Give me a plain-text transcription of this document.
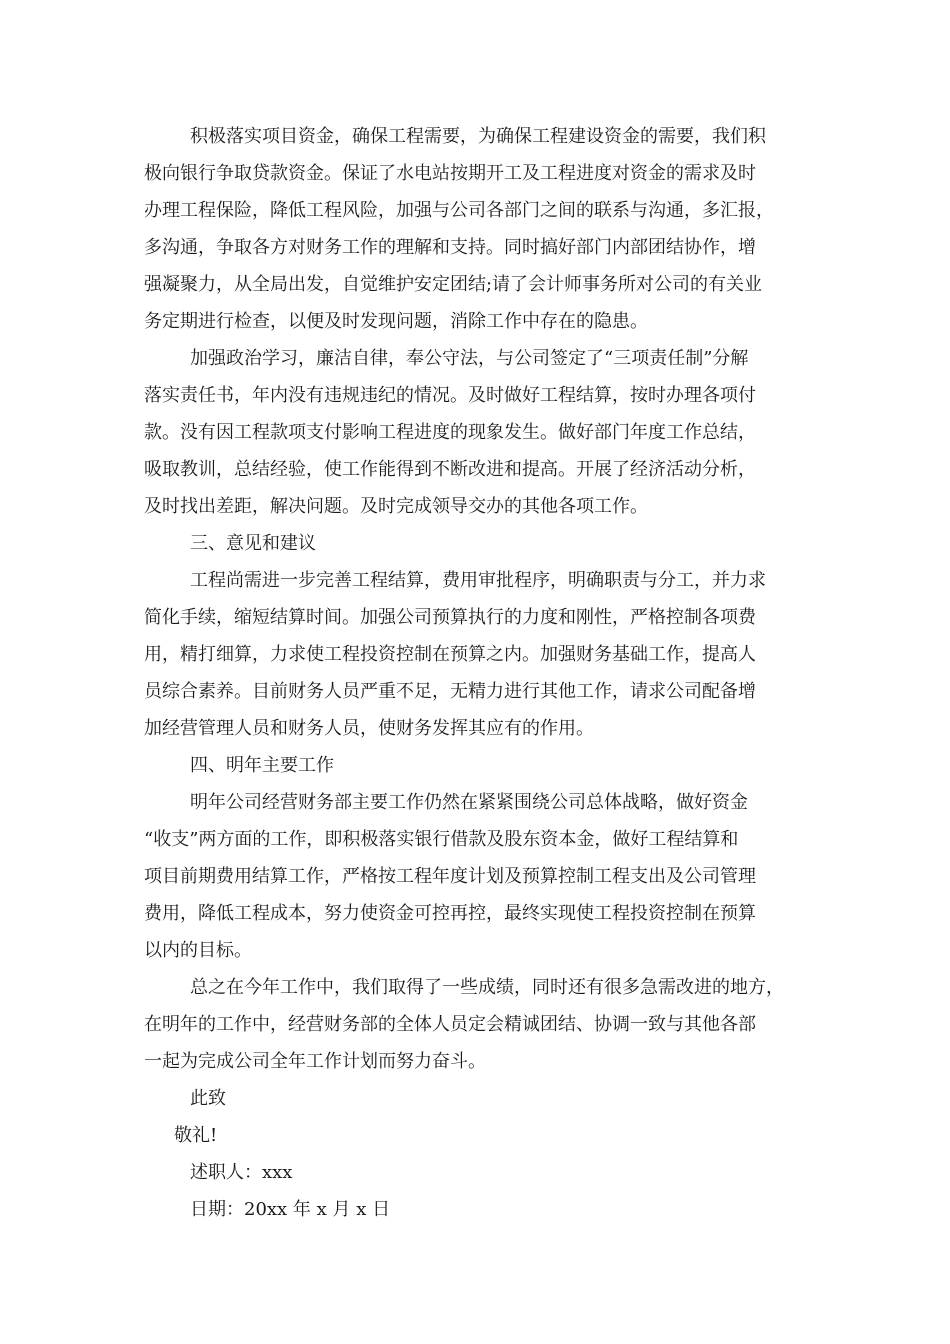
积极落实项目资金，确保工程需要，为确保工程建设资金的需要，我们积
极向银行争取贷款资金。保证了水电站按期开工及工程进度对资金的需求及时
办理工程保险，降低工程风险，加强与公司各部门之间的联系与沟通，多汇报，
多沟通，争取各方对财务工作的理解和支持。同时搞好部门内部团结协作，增
强凝聚力，从全局出发，自觉维护安定团结;请了会计师事务所对公司的有关业
务定期进行检查，以便及时发现问题，消除工作中存在的隐患。
加强政治学习，廉洁自律，奉公守法，与公司签定了“三项责任制”分解
落实责任书，年内没有违规违纪的情况。及时做好工程结算，按时办理各项付
款。没有因工程款项支付影响工程进度的现象发生。做好部门年度工作总结，
吸取教训，总结经验，使工作能得到不断改进和提高。开展了经济活动分析，
及时找出差距，解决问题。及时完成领导交办的其他各项工作。
三、意见和建议
工程尚需进一步完善工程结算，费用审批程序，明确职责与分工，并力求
简化手续，缩短结算时间。加强公司预算执行的力度和刚性，严格控制各项费
用，精打细算，力求使工程投资控制在预算之内。加强财务基础工作，提高人
员综合素养。目前财务人员严重不足，无精力进行其他工作，请求公司配备增
加经营管理人员和财务人员，使财务发挥其应有的作用。
四、明年主要工作
明年公司经营财务部主要工作仍然在紧紧围绕公司总体战略，做好资金
“收支”两方面的工作，即积极落实银行借款及股东资本金，做好工程结算和
项目前期费用结算工作，严格按工程年度计划及预算控制工程支出及公司管理
费用，降低工程成本，努力使资金可控再控，最终实现使工程投资控制在预算
以内的目标。
总之在今年工作中，我们取得了一些成绩，同时还有很多急需改进的地方，
在明年的工作中，经营财务部的全体人员定会精诚团结、协调一致与其他各部
一起为完成公司全年工作计划而努力奋斗。
此致
敬礼!
述职人：xxx
日期：20xx 年 x 月 x 日
